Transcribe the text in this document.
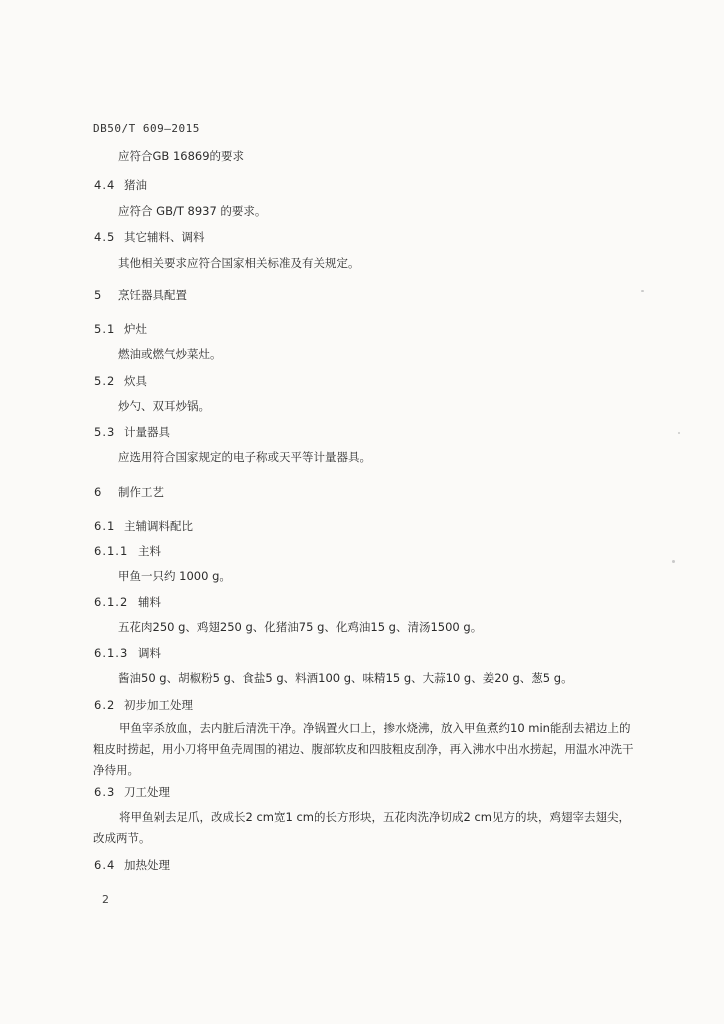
DB50/T 609—2015
应符合GB 16869的要求
4.4 猪油
应符合 GB/T 8937 的要求。
4.5 其它辅料、调料
其他相关要求应符合国家相关标准及有关规定。
5 烹饪器具配置
5.1 炉灶
燃油或燃气炒菜灶。
5.2 炊具
炒勺、双耳炒锅。
5.3 计量器具
应选用符合国家规定的电子称或天平等计量器具。
6 制作工艺
6.1 主辅调料配比
6.1.1 主料
甲鱼一只约 1000 g。
6.1.2 辅料
五花肉250 g、鸡翅250 g、化猪油75 g、化鸡油15 g、清汤1500 g。
6.1.3 调料
酱油50 g、胡椒粉5 g、食盐5 g、料酒100 g、味精15 g、大蒜10 g、姜20 g、葱5 g。
6.2 初步加工处理
甲鱼宰杀放血，去内脏后清洗干净。净锅置火口上，掺水烧沸，放入甲鱼煮约10 min能刮去裙边上的粗皮时捞起，用小刀将甲鱼壳周围的裙边、腹部软皮和四肢粗皮刮净，再入沸水中出水捞起，用温水冲洗干净待用。
6.3 刀工处理
将甲鱼剁去足爪，改成长2 cm宽1 cm的长方形块，五花肉洗净切成2 cm见方的块，鸡翅宰去翅尖，改成两节。
6.4 加热处理
2
